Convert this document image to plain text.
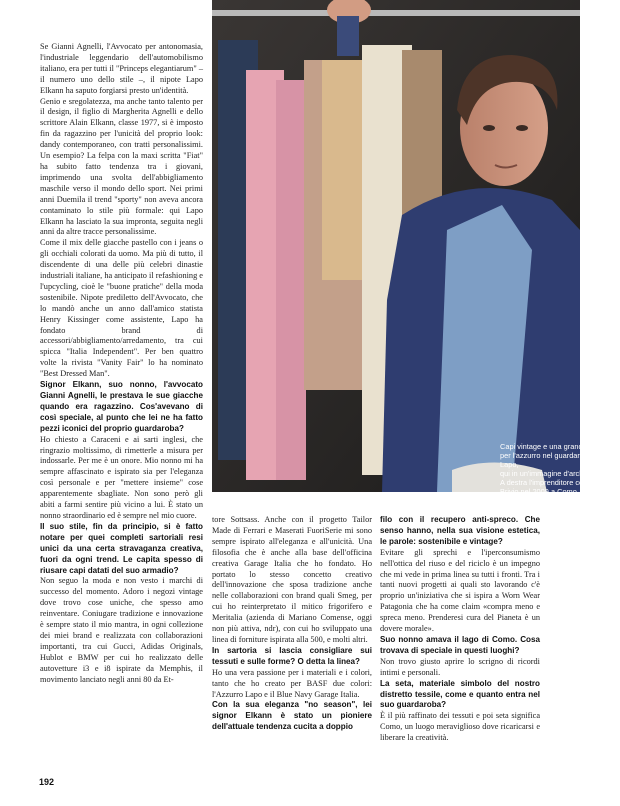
Capi vintage e una grande passione
per l'azzurro nel guardaroba di Lapo,
qui in un'immagine d'archivio.
A destra l'imprenditore con Serena
Brivio nel 2009 a Como.

Se Gianni Agnelli, l'Avvocato per antonomasia, l'industriale leggendario dell'automobilismo italiano, era per tutti il "Princeps elegantiarum" – il numero uno dello stile –, il nipote Lapo Elkann ha saputo forgiarsi presto un'identità.

Genio e sregolatezza, ma anche tanto talento per il design, il figlio di Margherita Agnelli e dello scrittore Alain Elkann, classe 1977, si è imposto fin da ragazzino per l'unicità del proprio look: dandy contemporaneo, con tratti personalissimi. Un esempio? La felpa con la maxi scritta "Fiat" ha subito fatto tendenza tra i giovani, imprimendo una svolta dell'abbigliamento maschile verso il mondo dello sport. Nei primi anni Duemila il trend "sporty" non aveva ancora contaminato lo stile più formale: qui Lapo Elkann ha lasciato la sua impronta, seguita negli anni da altre tracce personalissime.

Come il mix delle giacche pastello con i jeans o gli occhiali colorati da uomo. Ma più di tutto, il discendente di una delle più celebri dinastie industriali italiane, ha anticipato il refashioning e l'upcycling, cioè le "buone pratiche" della moda sostenibile. Nipote prediletto dell'Avvocato, che lo mandò anche un anno dall'amico statista Henry Kissinger come assistente, Lapo ha fondato brand di accessori/abbigliamento/arredamento, tra cui spicca "Italia Independent". Per ben quattro volte la rivista "Vanity Fair" lo ha nominato "Best Dressed Man".

Signor Elkann, suo nonno, l'avvocato Gianni Agnelli, le prestava le sue giacche quando era ragazzino. Cos'avevano di così speciale, al punto che lei ne ha fatto pezzi iconici del proprio guardaroba?

Ho chiesto a Caraceni e ai sarti inglesi, che ringrazio moltissimo, di rimetterle a misura per indossarle. Per me è un onore. Mio nonno mi ha sempre affascinato e ispirato sia per l'eleganza così personale e per "mettere insieme" cose apparentemente sbagliate. Non sono però gli abiti a farmi sentire più vicino a lui. È stato un nonno straordinario ed è sempre nel mio cuore.

Il suo stile, fin da principio, si è fatto notare per quei completi sartoriali resi unici da una certa stravaganza creativa, fuori da ogni trend. Le capita spesso di riusare capi datati del suo armadio?

Non seguo la moda e non vesto i marchi di successo del momento. Adoro i negozi vintage dove trovo cose uniche, che spesso amo reinventare. Coniugare tradizione e innovazione è sempre stato il mio mantra, in ogni collezione dei miei brand e realizzata con collaborazioni importanti, tra cui Gucci, Adidas Originals, Hublot e BMW per cui ho realizzato delle autovetture i3 e i8 ispirate da Memphis, il movimento lanciato negli anni 80 da Et-

tore Sottsass. Anche con il progetto Tailor Made di Ferrari e Maserati FuoriSerie mi sono sempre ispirato all'eleganza e all'unicità. Una filosofia che è anche alla base dell'officina creativa Garage Italia che ho fondato. Ho portato lo stesso concetto creativo dell'innovazione che sposa tradizione anche nelle collaborazioni con brand quali Smeg, per cui ho reinterpretato il mitico frigorifero e Meritalia (azienda di Mariano Comense, oggi non più attiva, ndr), con cui ho sviluppato una linea di forniture ispirata alla 500, e molti altri.

In sartoria si lascia consigliare sui tessuti e sulle forme? O detta la linea?

Ho una vera passione per i materiali e i colori, tanto che ho creato per BASF due colori: l'Azzurro Lapo e il Blue Navy Garage Italia.

Con la sua eleganza "no season", lei signor Elkann è stato un pioniere dell'attuale tendenza cucita a doppio

filo con il recupero anti-spreco. Che senso hanno, nella sua visione estetica, le parole: sostenibile e vintage?

Evitare gli sprechi e l'iperconsumismo nell'ottica del riuso e del riciclo è un impegno che mi vede in prima linea su tutti i fronti. Tra i tanti nuovi progetti ai quali sto lavorando c'è proprio un'iniziativa che si ispira a Worn Wear Patagonia che ha come claim «compra meno e spreca meno. Prenderesi cura del Pianeta è un dovere morale».

Suo nonno amava il lago di Como. Cosa trovava di speciale in questi luoghi?

Non trovo giusto aprire lo scrigno di ricordi intimi e personali.

La seta, materiale simbolo del nostro distretto tessile, come e quanto entra nel suo guardaroba?

È il più raffinato dei tessuti e poi seta significa Como, un luogo meraviglioso dove ricaricarsi e liberare la creatività.

192
